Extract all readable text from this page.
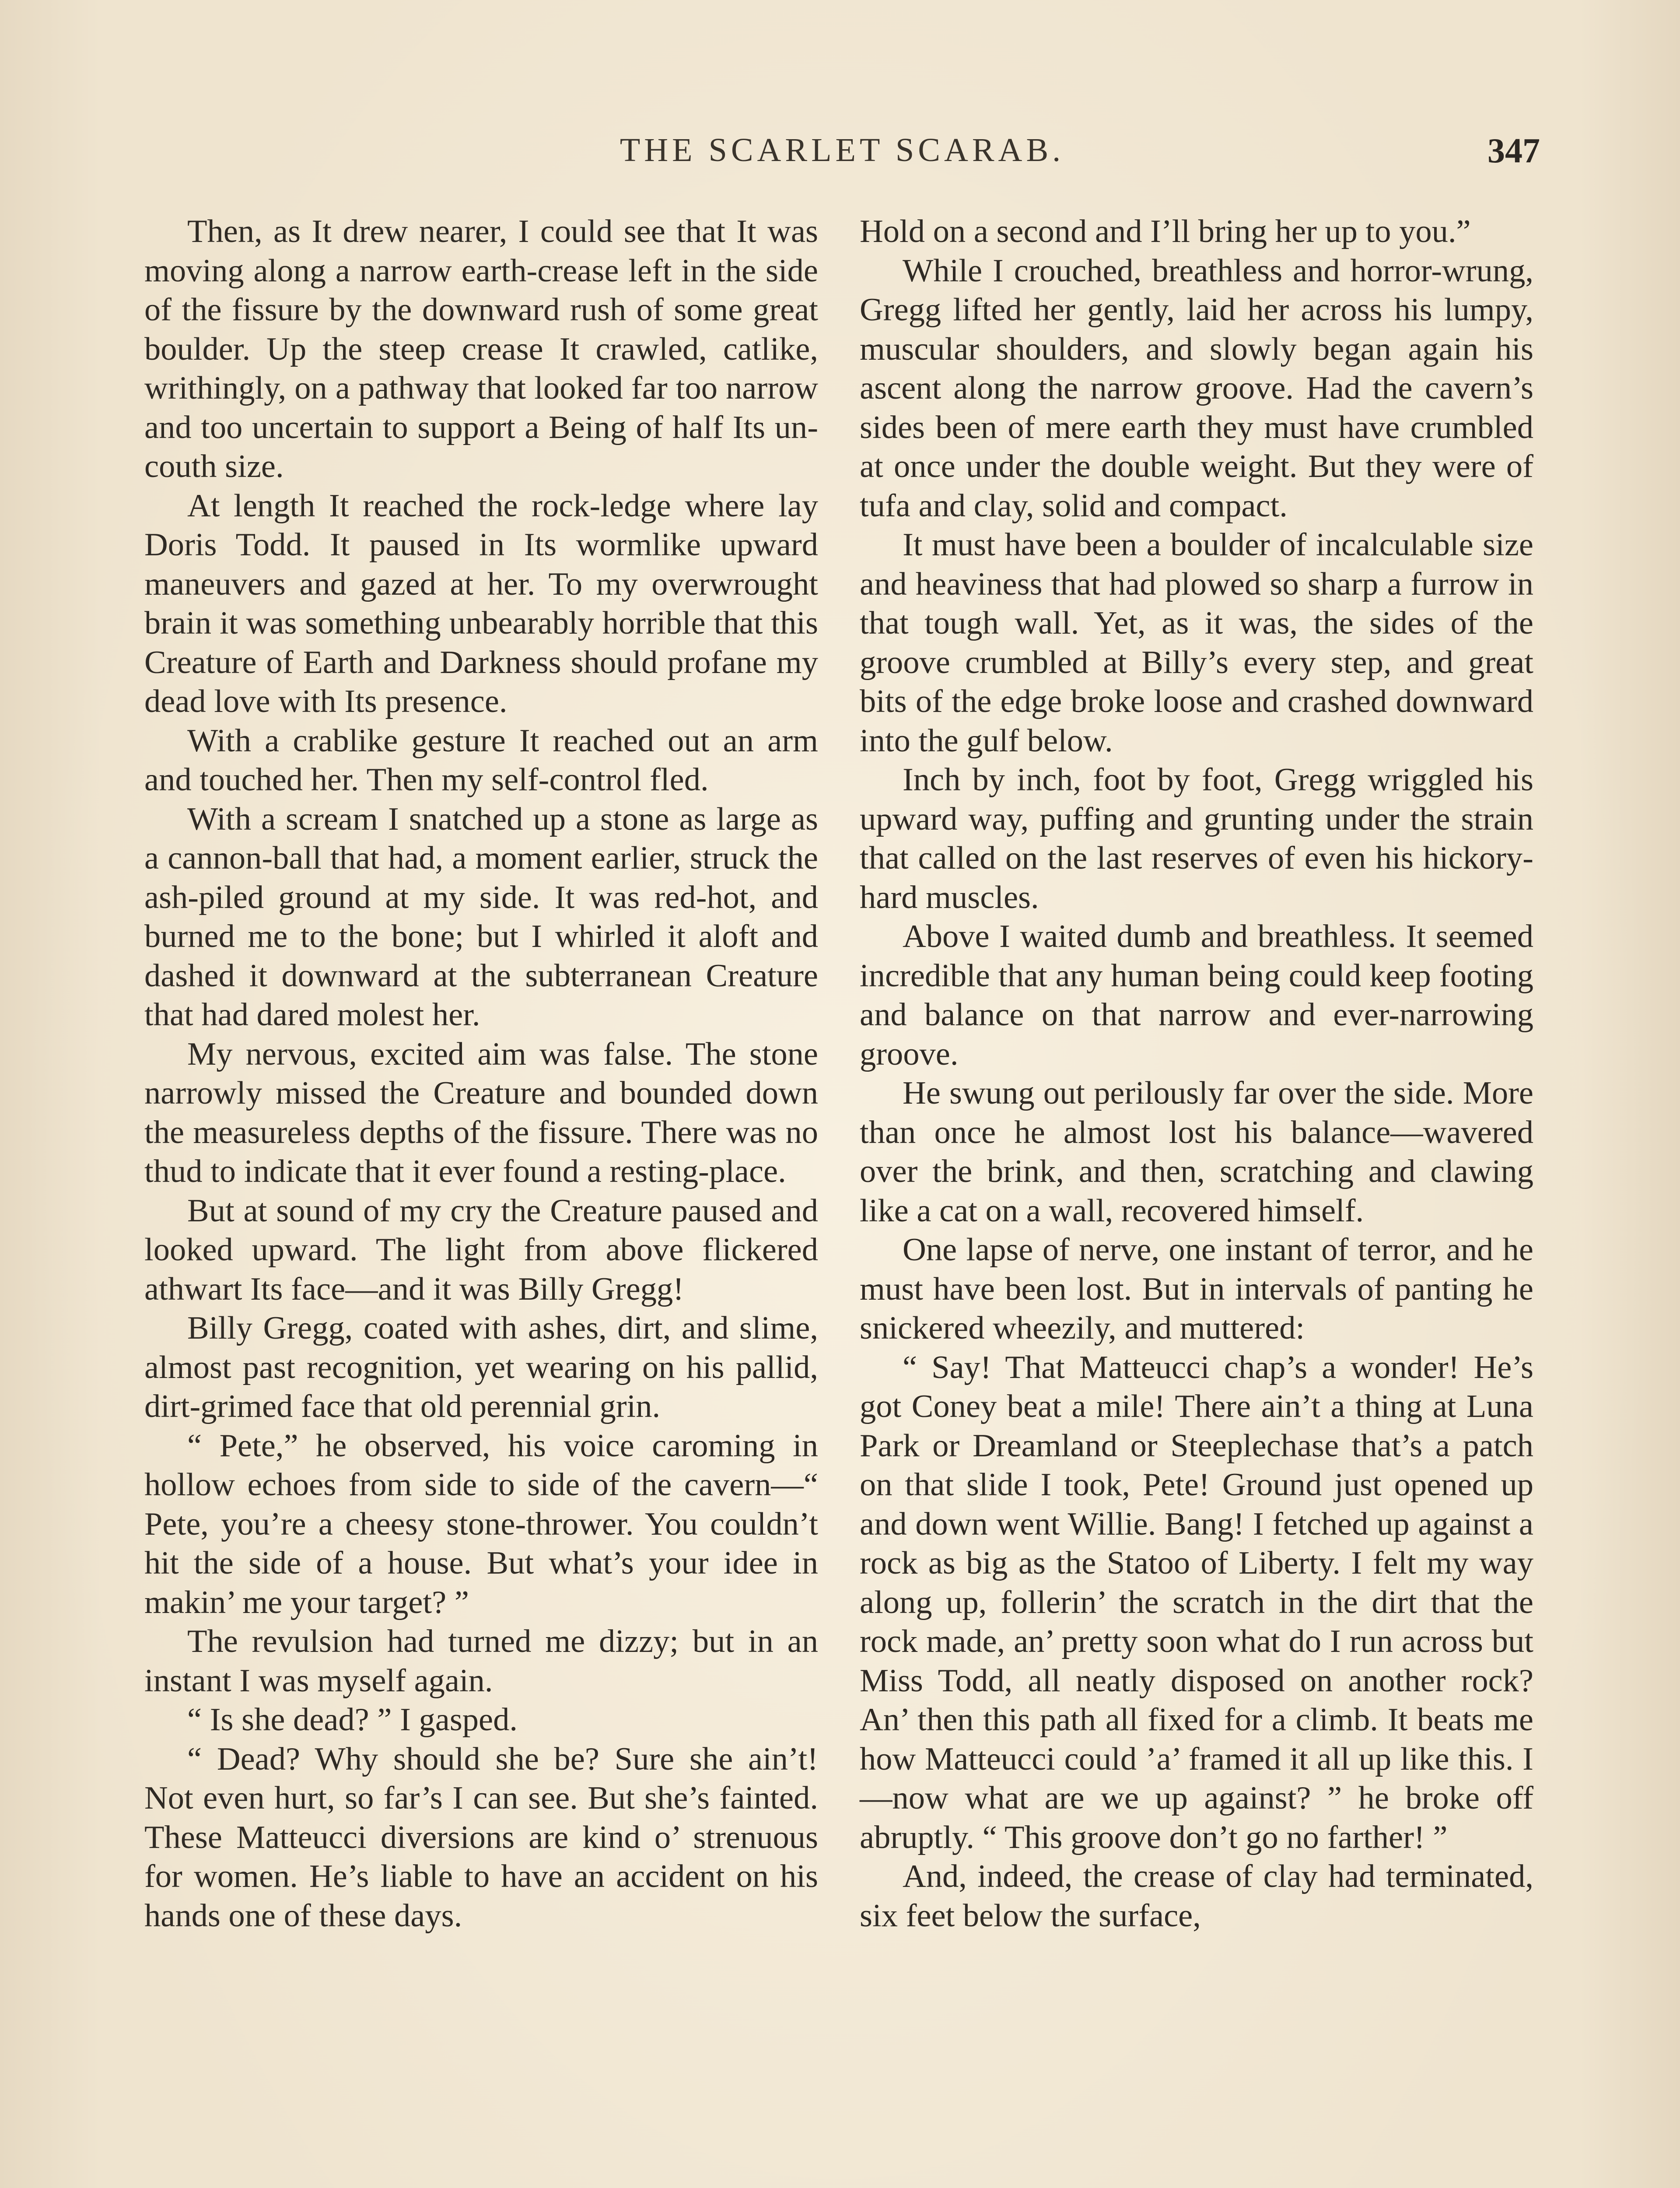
THE SCARLET SCARAB.	347

Then, as It drew nearer, I could see that It was moving along a narrow earth-crease left in the side of the fissure by the downward rush of some great boulder. Up the steep crease It crawled, catlike, writhingly, on a pathway that looked far too narrow and too uncertain to support a Being of half Its uncouth size.

At length It reached the rock-ledge where lay Doris Todd. It paused in Its wormlike upward maneuvers and gazed at her. To my overwrought brain it was something unbearably horrible that this Creature of Earth and Darkness should profane my dead love with Its presence.

With a crablike gesture It reached out an arm and touched her. Then my self-control fled.

With a scream I snatched up a stone as large as a cannon-ball that had, a moment earlier, struck the ash-piled ground at my side. It was red-hot, and burned me to the bone; but I whirled it aloft and dashed it downward at the subterranean Creature that had dared molest her.

My nervous, excited aim was false. The stone narrowly missed the Creature and bounded down the measureless depths of the fissure. There was no thud to indicate that it ever found a resting-place.

But at sound of my cry the Creature paused and looked upward. The light from above flickered athwart Its face—and it was Billy Gregg!

Billy Gregg, coated with ashes, dirt, and slime, almost past recognition, yet wearing on his pallid, dirt-grimed face that old perennial grin.

“ Pete,” he observed, his voice caroming in hollow echoes from side to side of the cavern—“ Pete, you’re a cheesy stone-thrower. You couldn’t hit the side of a house. But what’s your idee in makin’ me your target? ”

The revulsion had turned me dizzy; but in an instant I was myself again.

“ Is she dead? ” I gasped.

“ Dead? Why should she be? Sure she ain’t! Not even hurt, so far’s I can see. But she’s fainted. These Matteucci diversions are kind o’ strenuous for women. He’s liable to have an accident on his hands one of these days.

Hold on a second and I’ll bring her up to you.”

While I crouched, breathless and horror-wrung, Gregg lifted her gently, laid her across his lumpy, muscular shoulders, and slowly began again his ascent along the narrow groove. Had the cavern’s sides been of mere earth they must have crumbled at once under the double weight. But they were of tufa and clay, solid and compact.

It must have been a boulder of incalculable size and heaviness that had plowed so sharp a furrow in that tough wall. Yet, as it was, the sides of the groove crumbled at Billy’s every step, and great bits of the edge broke loose and crashed downward into the gulf below.

Inch by inch, foot by foot, Gregg wriggled his upward way, puffing and grunting under the strain that called on the last reserves of even his hickory-hard muscles.

Above I waited dumb and breathless. It seemed incredible that any human being could keep footing and balance on that narrow and ever-narrowing groove.

He swung out perilously far over the side. More than once he almost lost his balance—wavered over the brink, and then, scratching and clawing like a cat on a wall, recovered himself.

One lapse of nerve, one instant of terror, and he must have been lost. But in intervals of panting he snickered wheezily, and muttered:

“ Say! That Matteucci chap’s a wonder! He’s got Coney beat a mile! There ain’t a thing at Luna Park or Dreamland or Steeplechase that’s a patch on that slide I took, Pete! Ground just opened up and down went Willie. Bang! I fetched up against a rock as big as the Statoo of Liberty. I felt my way along up, follerin’ the scratch in the dirt that the rock made, an’ pretty soon what do I run across but Miss Todd, all neatly disposed on another rock? An’ then this path all fixed for a climb. It beats me how Matteucci could ’a’ framed it all up like this. I—now what are we up against? ” he broke off abruptly. “ This groove don’t go no farther! ”

And, indeed, the crease of clay had terminated, six feet below the surface,
